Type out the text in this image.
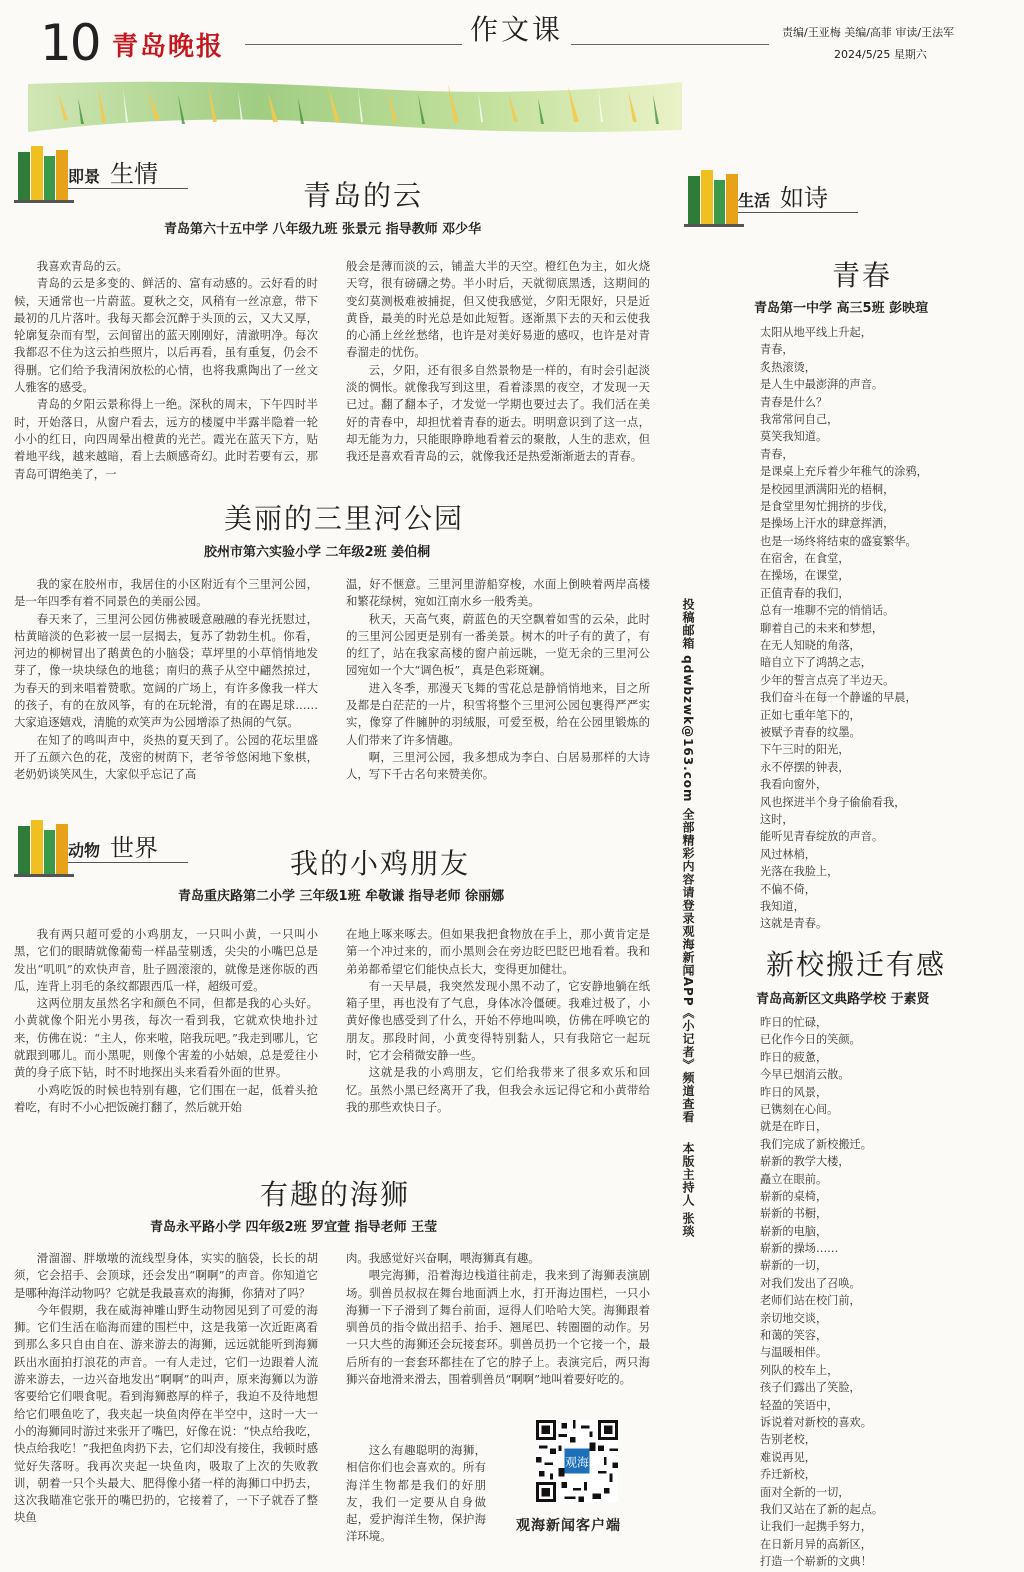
10 青岛晚报
作文课	责编/王亚梅 美编/高菲 审读/王法军
2024/5/25 星期六
即景 生情
青岛的云
青岛第六十五中学 八年级九班 张景元 指导教师 邓少华

我喜欢青岛的云。

青岛的云是多变的、鲜活的、富有动感的。云好看的时候，天通常也一片蔚蓝。夏秋之交，风稍有一丝凉意，带下最初的几片落叶。我每天都会沉醉于头顶的云，又大又厚，轮廓复杂而有型，云间留出的蓝天刚刚好，清澈明净。每次我都忍不住为这云拍些照片，以后再看，虽有重复，仍会不得删。它们给予我清闲放松的心情，也将我熏陶出了一丝文人雅客的感受。

青岛的夕阳云景称得上一绝。深秋的周末，下午四时半时，开始落日，从窗户看去，远方的楼厦中半露半隐着一轮小小的红日，向四周晕出橙黄的光芒。霞光在蓝天下方，贴着地平线，越来越暗，看上去颇感奇幻。此时若要有云，那青岛可谓绝美了，一

般会是薄而淡的云，铺盖大半的天空。橙红色为主，如火烧天穹，很有磅礴之势。半小时后，天就彻底黑透，这期间的变幻莫测极难被捕捉，但又使我感觉，夕阳无限好，只是近黄昏，最美的时光总是如此短暂。逐渐黑下去的天和云使我的心涌上丝丝愁绪，也许是对美好易逝的感叹，也许是对青春溜走的忧伤。

云，夕阳，还有很多自然景物是一样的，有时会引起淡淡的惆怅。就像我写到这里，看着漆黑的夜空，才发现一天已过。翻了翻本子，才发觉一学期也要过去了。我们活在美好的青春中，却担忧着青春的逝去。明明意识到了这一点，却无能为力，只能眼睁睁地看着云的聚散，人生的悲欢，但我还是喜欢看青岛的云，就像我还是热爱渐渐逝去的青春。

美丽的三里河公园
胶州市第六实验小学 二年级2班 姜伯桐

我的家在胶州市，我居住的小区附近有个三里河公园，是一年四季有着不同景色的美丽公园。

春天来了，三里河公园仿佛被暖意融融的春光抚慰过，枯黄暗淡的色彩被一层一层揭去，复苏了勃勃生机。你看，河边的柳树冒出了鹅黄色的小脑袋；草坪里的小草悄悄地发芽了，像一块块绿色的地毯；南归的燕子从空中翩然掠过，为春天的到来唱着赞歌。宽阔的广场上，有许多像我一样大的孩子，有的在放风筝，有的在玩轮滑，有的在踢足球……大家追逐嬉戏，清脆的欢笑声为公园增添了热闹的气氛。

在知了的鸣叫声中，炎热的夏天到了。公园的花坛里盛开了五颜六色的花，茂密的树荫下，老爷爷悠闲地下象棋，老奶奶谈笑风生，大家似乎忘记了高

温，好不惬意。三里河里游船穿梭，水面上倒映着两岸高楼和繁花绿树，宛如江南水乡一般秀美。

秋天，天高气爽，蔚蓝色的天空飘着如雪的云朵，此时的三里河公园更是别有一番美景。树木的叶子有的黄了，有的红了，站在我家高楼的窗户前远眺，一览无余的三里河公园宛如一个大“调色板”，真是色彩斑斓。

进入冬季，那漫天飞舞的雪花总是静悄悄地来，目之所及都是白茫茫的一片，积雪将整个三里河公园包裹得严严实实，像穿了件臃肿的羽绒服，可爱至极，给在公园里锻炼的人们带来了许多情趣。

啊，三里河公园，我多想成为李白、白居易那样的大诗人，写下千古名句来赞美你。

动物 世界	我的小鸡朋友
青岛重庆路第二小学 三年级1班 牟敬谦 指导老师 徐丽娜

我有两只超可爱的小鸡朋友，一只叫小黄，一只叫小黑，它们的眼睛就像葡萄一样晶莹剔透，尖尖的小嘴巴总是发出“叽叽”的欢快声音，肚子圆滚滚的，就像是迷你版的西瓜，连背上羽毛的条纹都跟西瓜一样，超级可爱。

这两位朋友虽然名字和颜色不同，但都是我的心头好。小黄就像个阳光小男孩，每次一看到我，它就欢快地扑过来，仿佛在说：“主人，你来啦，陪我玩吧。”我走到哪儿，它就跟到哪儿。而小黑呢，则像个害羞的小姑娘，总是爱往小黄的身子底下钻，时不时地探出头来看看外面的世界。

小鸡吃饭的时候也特别有趣，它们围在一起，低着头抢着吃，有时不小心把饭碗打翻了，然后就开始

在地上啄来啄去。但如果我把食物放在手上，那小黄肯定是第一个冲过来的，而小黑则会在旁边眨巴眨巴地看着。我和弟弟都希望它们能快点长大，变得更加健壮。

有一天早晨，我突然发现小黑不动了，它安静地躺在纸箱子里，再也没有了气息，身体冰冷僵硬。我难过极了，小黄好像也感受到了什么，开始不停地叫唤，仿佛在呼唤它的朋友。那段时间，小黄变得特别黏人，只有我陪它一起玩时，它才会稍微安静一些。

这就是我的小鸡朋友，它们给我带来了很多欢乐和回忆。虽然小黑已经离开了我，但我会永远记得它和小黄带给我的那些欢快日子。

有趣的海狮
青岛永平路小学 四年级2班 罗宜萱 指导老师 王莹

滑溜溜、胖墩墩的流线型身体，实实的脑袋，长长的胡须，它会招手、会顶球，还会发出“啊啊”的声音。你知道它是哪种海洋动物吗？它就是我最喜欢的海狮，你猜对了吗？

今年假期，我在威海神雕山野生动物园见到了可爱的海狮。它们生活在临海而建的围栏中，这是我第一次近距离看到那么多只自由自在、游来游去的海狮，远远就能听到海狮跃出水面拍打浪花的声音。一有人走过，它们一边跟着人流游来游去，一边兴奋地发出“啊啊”的叫声，原来海狮以为游客要给它们喂食呢。看到海狮憨厚的样子，我迫不及待地想给它们喂鱼吃了，我夹起一块鱼肉停在半空中，这时一大一小的海狮同时游过来张开了嘴巴，好像在说：“快点给我吃，快点给我吃！”我把鱼肉扔下去，它们却没有接住，我顿时感觉好失落呀。我再次夹起一块鱼肉，吸取了上次的失败教训，朝着一只个头最大、肥得像小猪一样的海狮口中扔去，这次我瞄准它张开的嘴巴扔的，它接着了，一下子就吞了整块鱼

肉。我感觉好兴奋啊，喂海狮真有趣。

喂完海狮，沿着海边栈道往前走，我来到了海狮表演剧场。驯兽员叔叔在舞台地面洒上水，打开海边围栏，一只小海狮一下子滑到了舞台前面，逗得人们哈哈大笑。海狮跟着驯兽员的指令做出招手、抬手、翘尾巴、转圈圈的动作。另一只大些的海狮还会玩接套环。驯兽员扔一个它接一个，最后所有的一套套环都挂在了它的脖子上。表演完后，两只海狮兴奋地滑来滑去，围着驯兽员“啊啊”地叫着要好吃的。

这么有趣聪明的海狮，相信你们也会喜欢的。所有海洋生物都是我们的好朋友，我们一定要从自身做起，爱护海洋生物，保护海洋环境。

观海
观海新闻客户端
投稿邮箱 qdwbzwk@163.com 全部精彩内容请登录观海新闻APP《小记者》频道查看
本版主持人 张琰
生活 如诗
青春
青岛第一中学 高三5班 彭映瑄
太阳从地平线上升起，
青春，
炙热滚烫，
是人生中最澎湃的声音。
青春是什么？
我常常问自己，
莫笑我知道。
青春，
是课桌上充斥着少年稚气的涂鸦，
是校园里洒满阳光的梧桐，
是食堂里匆忙拥挤的步伐，
是操场上汗水的肆意挥洒，
也是一场终将结束的盛宴繁华。
在宿舍，在食堂，
在操场，在课堂，
正值青春的我们，
总有一堆聊不完的悄悄话。
聊着自己的未来和梦想，
在无人知晓的角落，
暗自立下了鸿鹄之志，
少年的誓言点亮了半边天。
我们奋斗在每一个静谧的早晨，
正如七重年笔下的，
被赋予青春的纹墨。
下午三时的阳光，
永不停摆的钟表，
我看向窗外，
风也探进半个身子偷偷看我，
这时，
能听见青春绽放的声音。
风过林梢，
光落在我脸上，
不偏不倚，
我知道，
这就是青春。
新校搬迁有感
青岛高新区文典路学校 于素贤
昨日的忙碌，
已化作今日的笑颜。
昨日的疲惫，
今早已烟消云散。
昨日的风景，
已镌刻在心间。
就是在昨日，
我们完成了新校搬迁。
崭新的教学大楼，
矗立在眼前。
崭新的桌椅，
崭新的书橱，
崭新的电脑，
崭新的操场……
崭新的一切，
对我们发出了召唤。
老师们站在校门前，
亲切地交谈，
和蔼的笑容，
与温暖相伴。
列队的校车上，
孩子们露出了笑脸，
轻盈的笑语中，
诉说着对新校的喜欢。
告别老校，
难说再见，
乔迁新校，
面对全新的一切，
我们又站在了新的起点。
让我们一起携手努力，
在日新月异的高新区，
打造一个崭新的文典！
